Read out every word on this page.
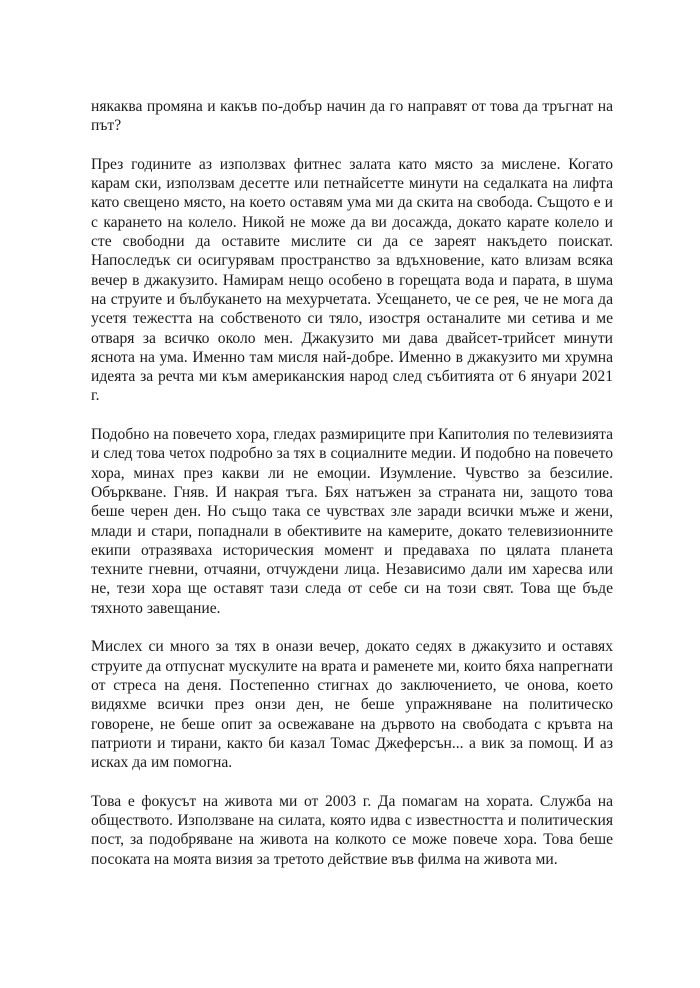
някаква промяна и какъв по-добър начин да го направят от това да тръгнат на път?

През годините аз използвах фитнес залата като място за мислене. Когато карам ски, използвам десетте или петнайсетте минути на седалката на лифта като свещено място, на което оставям ума ми да скита на свобода. Същото е и с карането на колело. Никой не може да ви досажда, докато карате колело и сте свободни да оставите мислите си да се зареят накъдето поискат. Напоследък си осигурявам пространство за вдъхновение, като влизам всяка вечер в джакузито. Намирам нещо особено в горещата вода и парата, в шума на струите и бълбукането на мехурчетата. Усещането, че се рея, че не мога да усетя тежестта на собственото си тяло, изостря останалите ми сетива и ме отваря за всичко около мен. Джакузито ми дава двайсет-трийсет минути яснота на ума. Именно там мисля най-добре. Именно в джакузито ми хрумна идеята за речта ми към американския народ след събитията от 6 януари 2021 г.

Подобно на повечето хора, гледах размириците при Капитолия по телевизията и след това четох подробно за тях в социалните медии. И подобно на повечето хора, минах през какви ли не емоции. Изумление. Чувство за безсилие. Объркване. Гняв. И накрая тъга. Бях натъжен за страната ни, защото това беше черен ден. Но също така се чувствах зле заради всички мъже и жени, млади и стари, попаднали в обективите на камерите, докато телевизионните екипи отразяваха историческия момент и предаваха по цялата планета техните гневни, отчаяни, отчуждени лица. Независимо дали им харесва или не, тези хора ще оставят тази следа от себе си на този свят. Това ще бъде тяхното завещание.

Мислех си много за тях в онази вечер, докато седях в джакузито и оставях струите да отпуснат мускулите на врата и раменете ми, които бяха напрегнати от стреса на деня. Постепенно стигнах до заключението, че онова, което видяхме всички през онзи ден, не беше упражняване на политическо говорене, не беше опит за освежаване на дървото на свободата с кръвта на патриоти и тирани, както би казал Томас Джеферсън... а вик за помощ. И аз исках да им помогна.

Това е фокусът на живота ми от 2003 г. Да помагам на хората. Служба на обществото. Използване на силата, която идва с известността и политическия пост, за подобряване на живота на колкото се може повече хора. Това беше посоката на моята визия за третото действие във филма на живота ми.
